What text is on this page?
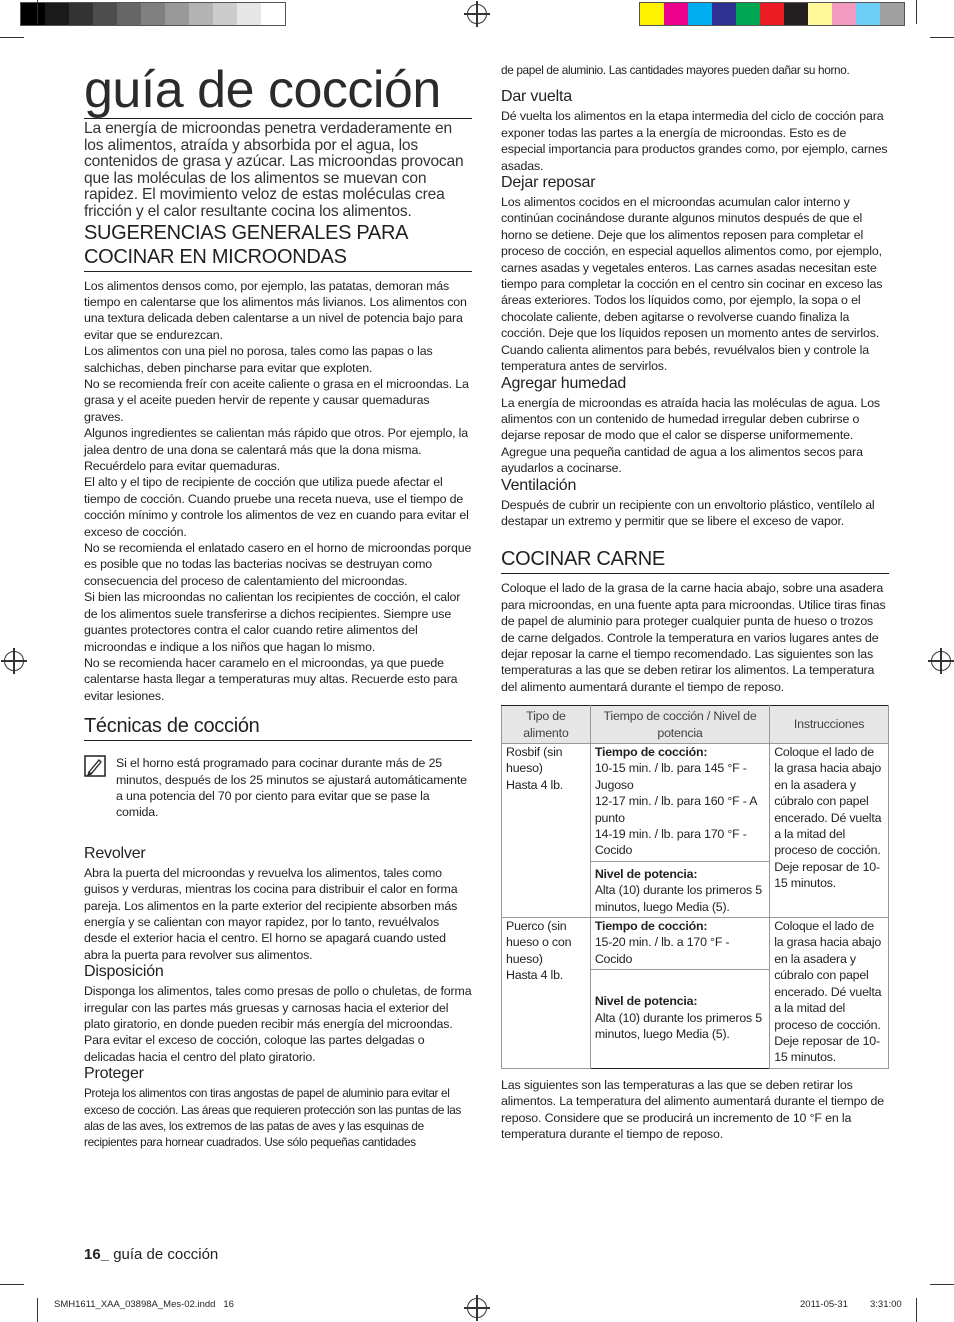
guía de cocción

La energía de microondas penetra verdaderamente en los alimentos, atraída y absorbida por el agua, los contenidos de grasa y azúcar. Las microondas provocan que las moléculas de los alimentos se muevan con rapidez. El movimiento veloz de estas moléculas crea fricción y el calor resultante cocina los alimentos.

SUGERENCIAS GENERALES PARA COCINAR EN MICROONDAS

Los alimentos densos como, por ejemplo, las patatas, demoran más tiempo en calentarse que los alimentos más livianos. Los alimentos con una textura delicada deben calentarse a un nivel de potencia bajo para evitar que se endurezcan.

Los alimentos con una piel no porosa, tales como las papas o las salchichas, deben pincharse para evitar que exploten.

No se recomienda freír con aceite caliente o grasa en el microondas. La grasa y el aceite pueden hervir de repente y causar quemaduras graves.

Algunos ingredientes se calientan más rápido que otros. Por ejemplo, la jalea dentro de una dona se calentará más que la dona misma. Recuérdelo para evitar quemaduras.

El alto y el tipo de recipiente de cocción que utiliza puede afectar el tiempo de cocción. Cuando pruebe una receta nueva, use el tiempo de cocción mínimo y controle los alimentos de vez en cuando para evitar el exceso de cocción.

No se recomienda el enlatado casero en el horno de microondas porque es posible que no todas las bacterias nocivas se destruyan como consecuencia del proceso de calentamiento del microondas.

Si bien las microondas no calientan los recipientes de cocción, el calor de los alimentos suele transferirse a dichos recipientes. Siempre use guantes protectores contra el calor cuando retire alimentos del microondas e indique a los niños que hagan lo mismo.

No se recomienda hacer caramelo en el microondas, ya que puede calentarse hasta llegar a temperaturas muy altas. Recuerde esto para evitar lesiones.

Técnicas de cocción
Si el horno está programado para cocinar durante más de 25 minutos, después de los 25 minutos se ajustará automáticamente a una potencia del 70 por ciento para evitar que se pase la comida.
Revolver
Abra la puerta del microondas y revuelva los alimentos, tales como guisos y verduras, mientras los cocina para distribuir el calor en forma pareja. Los alimentos en la parte exterior del recipiente absorben más energía y se calientan con mayor rapidez, por lo tanto, revuélvalos desde el exterior hacia el centro. El horno se apagará cuando usted abra la puerta para revolver sus alimentos.
Disposición
Disponga los alimentos, tales como presas de pollo o chuletas, de forma irregular con las partes más gruesas y carnosas hacia el exterior del plato giratorio, en donde pueden recibir más energía del microondas. Para evitar el exceso de cocción, coloque las partes delgadas o delicadas hacia el centro del plato giratorio.
Proteger
Proteja los alimentos con tiras angostas de papel de aluminio para evitar el exceso de cocción. Las áreas que requieren protección son las puntas de las alas de las aves, los extremos de las patas de aves y las esquinas de recipientes para hornear cuadrados. Use sólo pequeñas cantidades
de papel de aluminio. Las cantidades mayores pueden dañar su horno.
Dar vuelta
Dé vuelta los alimentos en la etapa intermedia del ciclo de cocción para exponer todas las partes a la energía de microondas. Esto es de especial importancia para productos grandes como, por ejemplo, carnes asadas.
Dejar reposar
Los alimentos cocidos en el microondas acumulan calor interno y continúan cocinándose durante algunos minutos después de que el horno se detiene. Deje que los alimentos reposen para completar el proceso de cocción, en especial aquellos alimentos como, por ejemplo, carnes asadas y vegetales enteros. Las carnes asadas necesitan este tiempo para completar la cocción en el centro sin cocinar en exceso las áreas exteriores. Todos los líquidos como, por ejemplo, la sopa o el chocolate caliente, deben agitarse o revolverse cuando finaliza la cocción. Deje que los líquidos reposen un momento antes de servirlos. Cuando calienta alimentos para bebés, revuélvalos bien y controle la temperatura antes de servirlos.
Agregar humedad
La energía de microondas es atraída hacia las moléculas de agua. Los alimentos con un contenido de humedad irregular deben cubrirse o dejarse reposar de modo que el calor se disperse uniformemente. Agregue una pequeña cantidad de agua a los alimentos secos para ayudarlos a cocinarse.
Ventilación
Después de cubrir un recipiente con un envoltorio plástico, ventílelo al destapar un extremo y permitir que se libere el exceso de vapor.
COCINAR CARNE
Coloque el lado de la grasa de la carne hacia abajo, sobre una asadera para microondas, en una fuente apta para microondas. Utilice tiras finas de papel de aluminio para proteger cualquier punta de hueso o trozos de carne delgados. Controle la temperatura en varios lugares antes de dejar reposar la carne el tiempo recomendado. Las siguientes son las temperaturas a las que se deben retirar los alimentos. La temperatura del alimento aumentará durante el tiempo de reposo.
Tipo de alimento	Tiempo de cocción / Nivel de potencia	Instrucciones
Rosbif (sin hueso)
Hasta 4 lb.	Tiempo de cocción:
10-15 min. / lb. para 145 °F - Jugoso
12-17 min. / lb. para 160 °F - A punto
14-19 min. / lb. para 170 °F - Cocido	Coloque el lado de la grasa hacia abajo en la asadera y cúbralo con papel encerado. Dé vuelta a la mitad del proceso de cocción.
Deje reposar de 10-15 minutos.
	Nivel de potencia:
Alta (10) durante los primeros 5 minutos, luego Media (5).	

Puerco (sin hueso o con hueso)
Hasta 4 lb.	Tiempo de cocción:
15-20 min. / lb. a 170 °F - Cocido	Coloque el lado de la grasa hacia abajo en la asadera y cúbralo con papel encerado. Dé vuelta a la mitad del proceso de cocción.
Deje reposar de 10-15 minutos.
	Nivel de potencia:
Alta (10) durante los primeros 5 minutos, luego Media (5).	
Las siguientes son las temperaturas a las que se deben retirar los alimentos. La temperatura del alimento aumentará durante el tiempo de reposo. Considere que se producirá un incremento de 10 °F en la temperatura durante el tiempo de reposo.
16_ guía de cocción
SMH1611_XAA_03898A_Mes-02.indd   16	2011-05-31 3:31:00
